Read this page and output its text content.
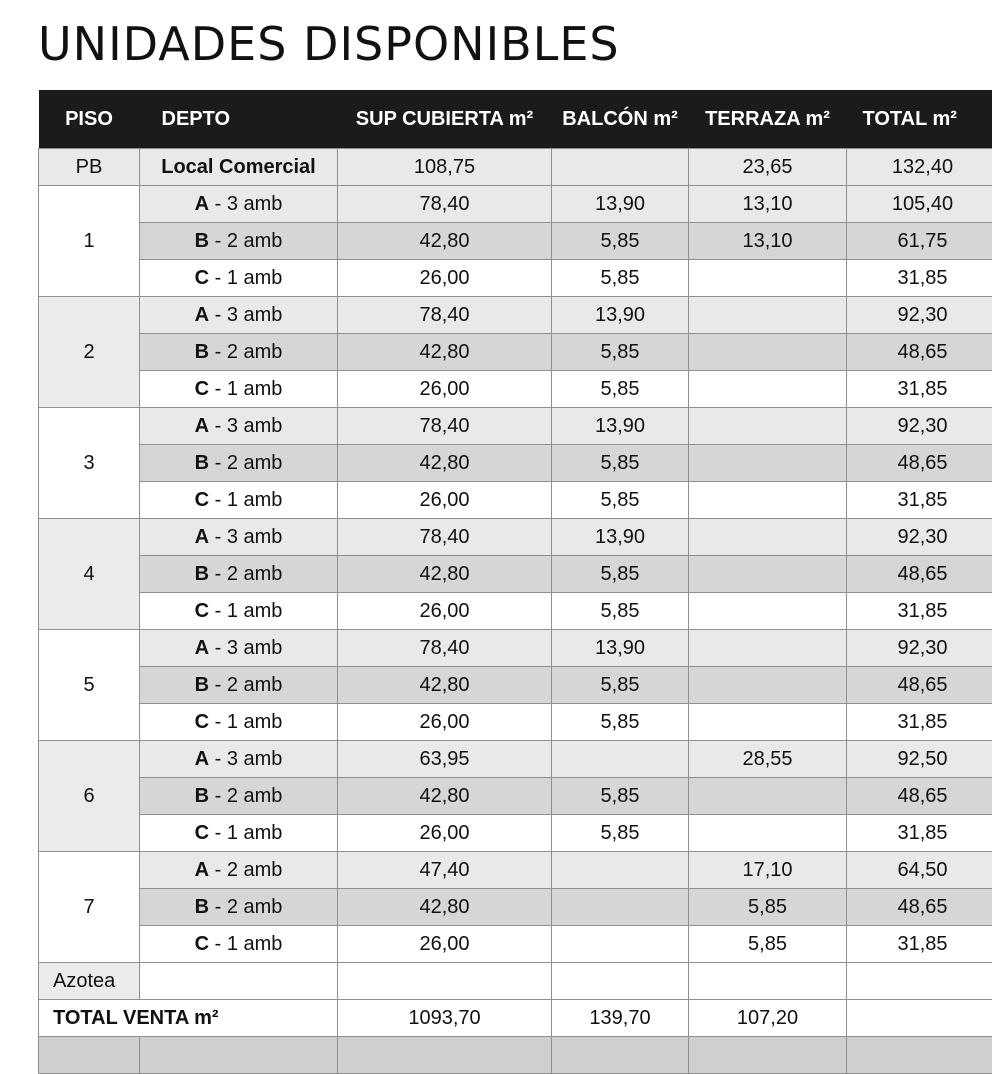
UNIDADES DISPONIBLES
PISO	DEPTO	SUP CUBIERTA m²	BALCÓN m²	TERRAZA m²	TOTAL m²
PB	Local Comercial	108,75		23,65	132,40
1	A - 3 amb	78,40	13,90	13,10	105,40
	B - 2 amb	42,80	5,85	13,10	61,75
	C - 1 amb	26,00	5,85		31,85
2	A - 3 amb	78,40	13,90		92,30
	B - 2 amb	42,80	5,85		48,65
	C - 1 amb	26,00	5,85		31,85
3	A - 3 amb	78,40	13,90		92,30
	B - 2 amb	42,80	5,85		48,65
	C - 1 amb	26,00	5,85		31,85
4	A - 3 amb	78,40	13,90		92,30
	B - 2 amb	42,80	5,85		48,65
	C - 1 amb	26,00	5,85		31,85
5	A - 3 amb	78,40	13,90		92,30
	B - 2 amb	42,80	5,85		48,65
	C - 1 amb	26,00	5,85		31,85
6	A - 3 amb	63,95		28,55	92,50
	B - 2 amb	42,80	5,85		48,65
	C - 1 amb	26,00	5,85		31,85
7	A - 2 amb	47,40		17,10	64,50
	B - 2 amb	42,80		5,85	48,65
	C - 1 amb	26,00		5,85	31,85
Azotea					
TOTAL VENTA m²		1093,70	139,70	107,20	
